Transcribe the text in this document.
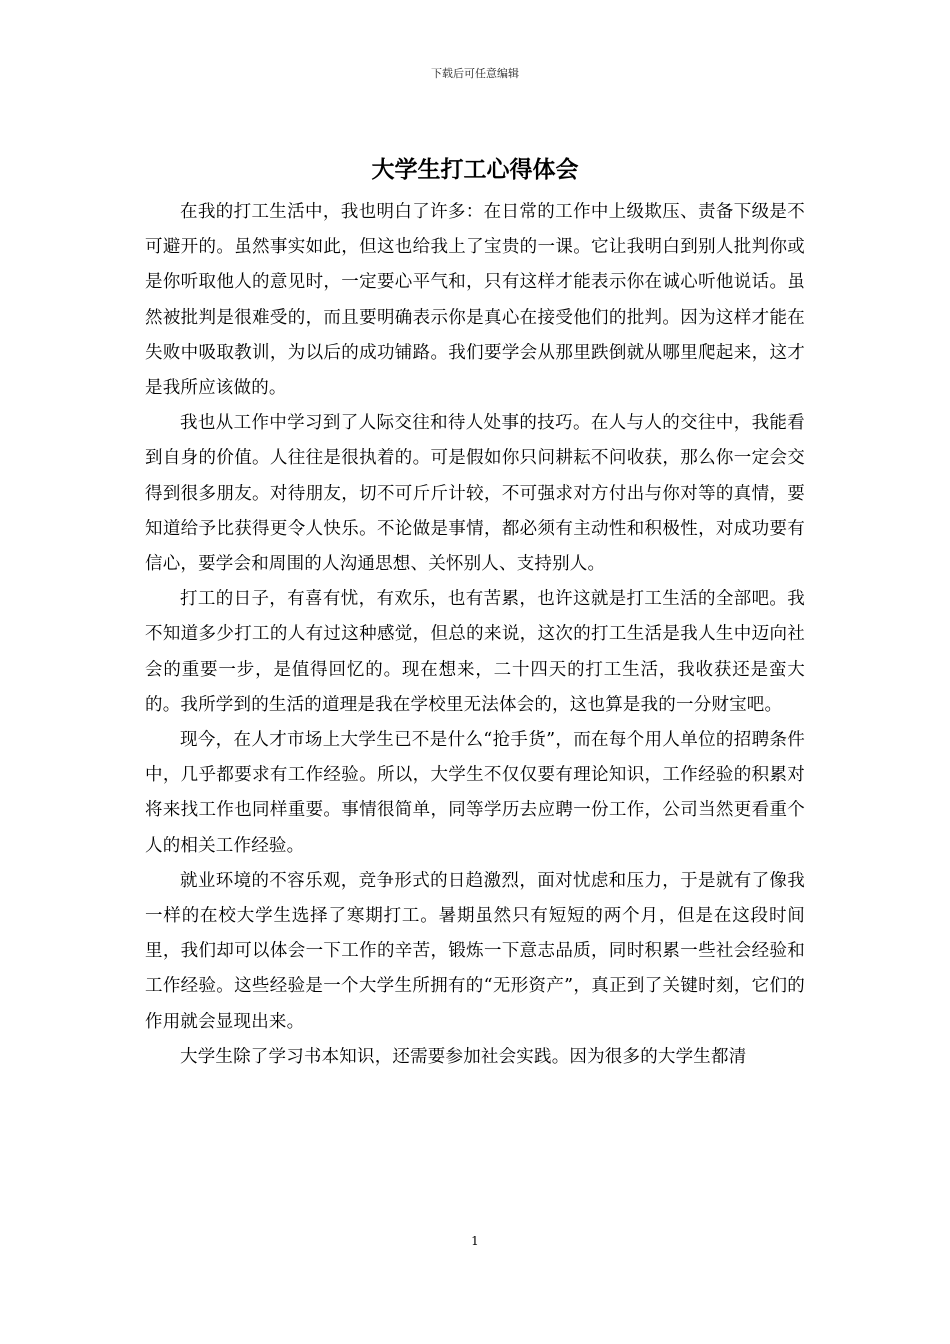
下载后可任意编辑
大学生打工心得体会

在我的打工生活中，我也明白了许多：在日常的工作中上级欺压、责备下级是不可避开的。虽然事实如此，但这也给我上了宝贵的一课。它让我明白到别人批判你或是你听取他人的意见时，一定要心平气和，只有这样才能表示你在诚心听他说话。虽然被批判是很难受的，而且要明确表示你是真心在接受他们的批判。因为这样才能在失败中吸取教训，为以后的成功铺路。我们要学会从那里跌倒就从哪里爬起来，这才是我所应该做的。

我也从工作中学习到了人际交往和待人处事的技巧。在人与人的交往中，我能看到自身的价值。人往往是很执着的。可是假如你只问耕耘不问收获，那么你一定会交得到很多朋友。对待朋友，切不可斤斤计较，不可强求对方付出与你对等的真情，要知道给予比获得更令人快乐。不论做是事情，都必须有主动性和积极性，对成功要有信心，要学会和周围的人沟通思想、关怀别人、支持别人。

打工的日子，有喜有忧，有欢乐，也有苦累，也许这就是打工生活的全部吧。我不知道多少打工的人有过这种感觉，但总的来说，这次的打工生活是我人生中迈向社会的重要一步，是值得回忆的。现在想来，二十四天的打工生活，我收获还是蛮大的。我所学到的生活的道理是我在学校里无法体会的，这也算是我的一分财宝吧。

现今，在人才市场上大学生已不是什么“抢手货”，而在每个用人单位的招聘条件中，几乎都要求有工作经验。所以，大学生不仅仅要有理论知识，工作经验的积累对将来找工作也同样重要。事情很简单，同等学历去应聘一份工作，公司当然更看重个人的相关工作经验。

就业环境的不容乐观，竞争形式的日趋激烈，面对忧虑和压力，于是就有了像我一样的在校大学生选择了寒期打工。暑期虽然只有短短的两个月，但是在这段时间里，我们却可以体会一下工作的辛苦，锻炼一下意志品质，同时积累一些社会经验和工作经验。这些经验是一个大学生所拥有的“无形资产”，真正到了关键时刻，它们的作用就会显现出来。

大学生除了学习书本知识，还需要参加社会实践。因为很多的大学生都清

1
